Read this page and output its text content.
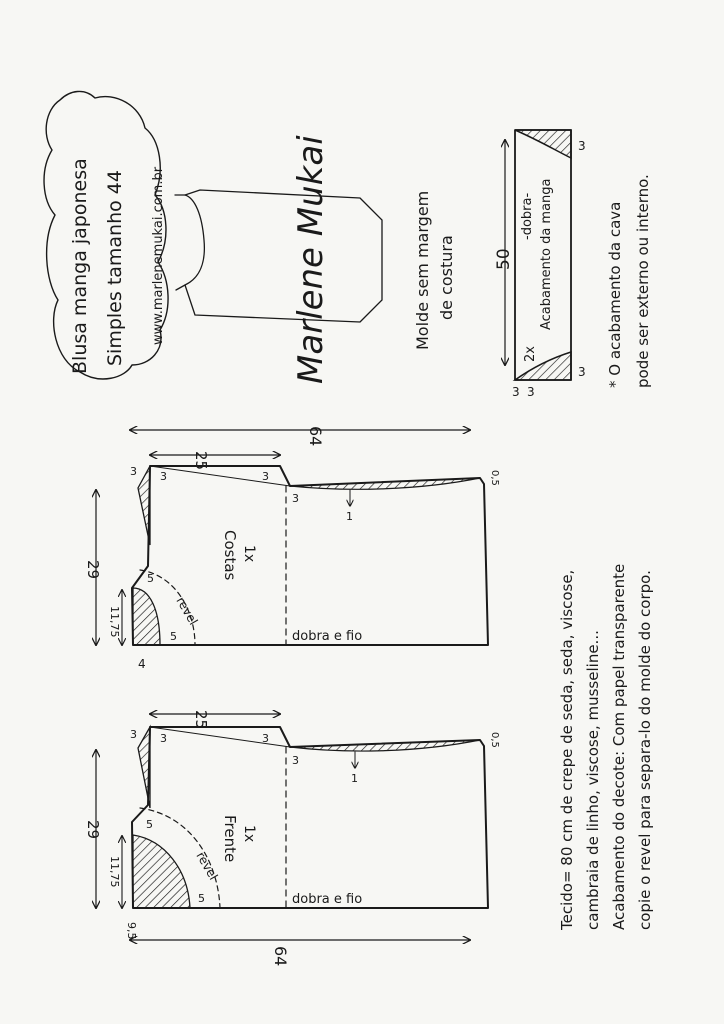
Blusa manga japonesa Simples tamanho 44 www.marlenemukai.com.br	Marlene Mukai	Molde sem margem de costura 50
-dobra- Acabamento da manga
2x
3
3
3 3
* O acabamento da cava pode ser externo ou interno.
64
25
29
11,75
Costas 1x
revel
5
5
4
3 3	3
3
0,5
1
dobra e fio
64
25
29
11,75
Frente 1x
revel
5
5
9,5
3 3	3
3
0,5
1
dobra e fio	Tecido= 80 cm de crepe de seda, seda, viscose, cambraia de linho, viscose, musseline... Acabamento do decote: Com papel transparente copie o revel para separa-lo do molde do corpo.
